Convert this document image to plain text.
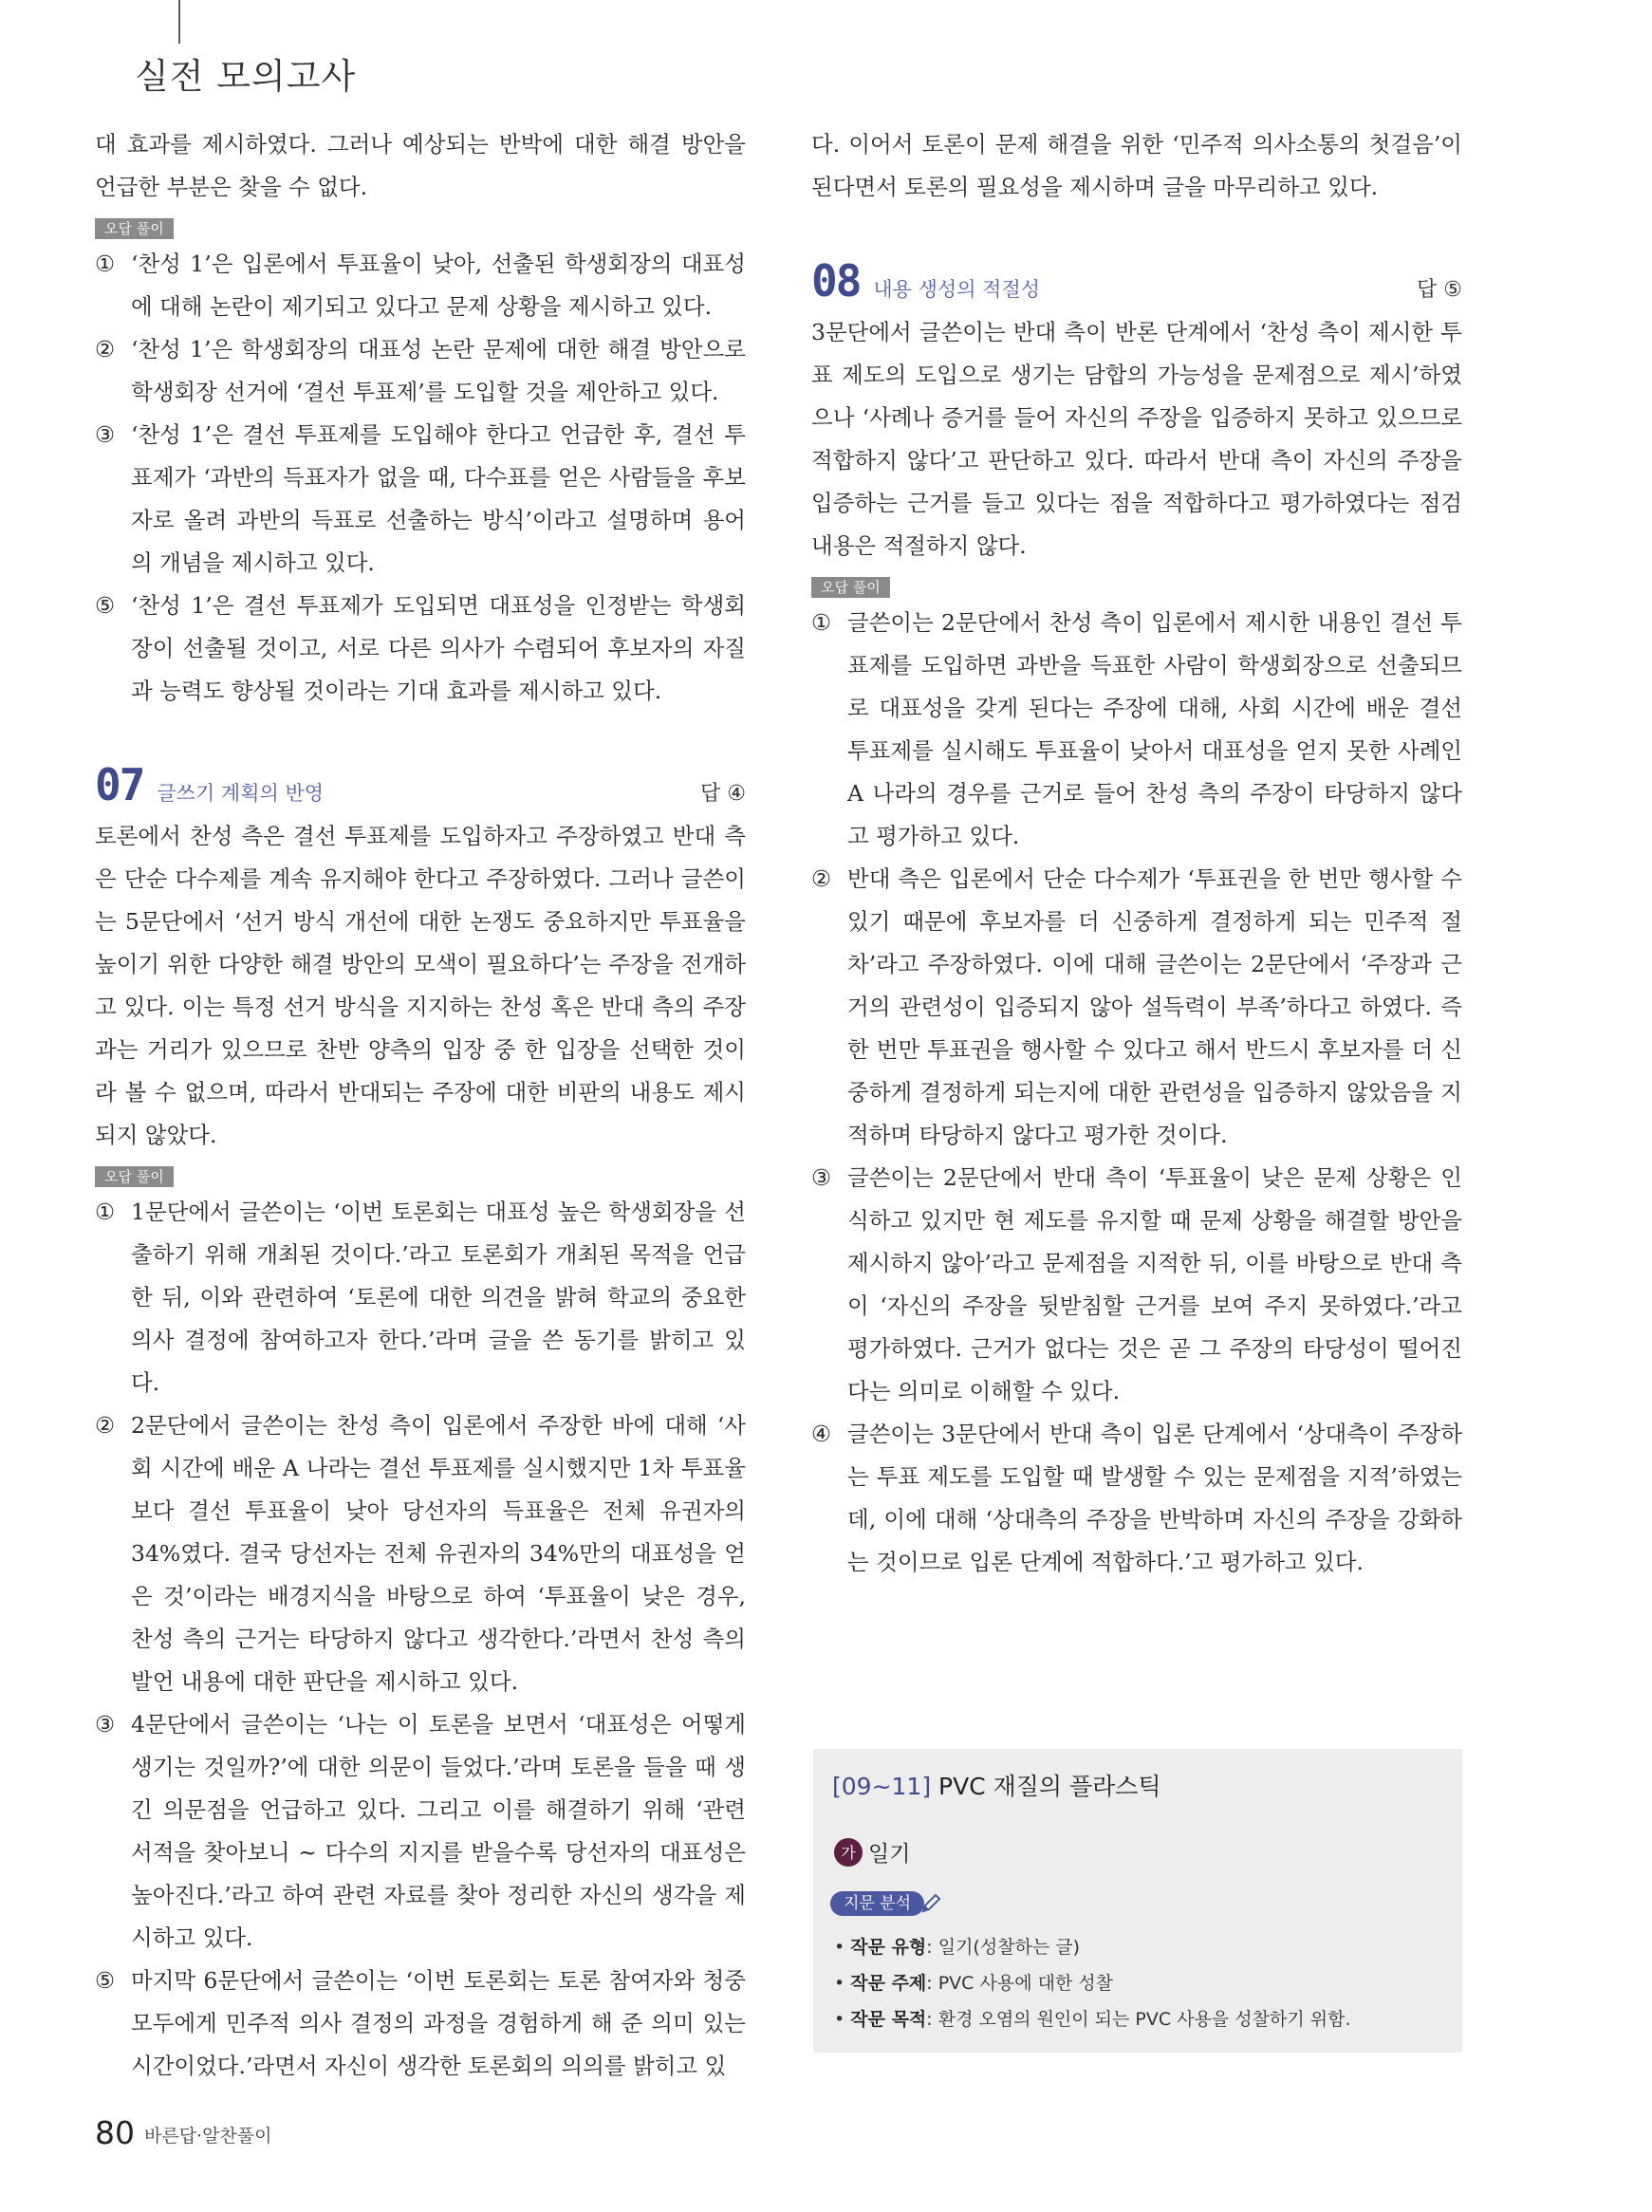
실전 모의고사

대 효과를 제시하였다. 그러나 예상되는 반박에 대한 해결 방안을 언급한 부분은 찾을 수 없다.

오답 풀이
① ‘찬성 1’은 입론에서 투표율이 낮아, 선출된 학생회장의 대표성에 대해 논란이 제기되고 있다고 문제 상황을 제시하고 있다.
② ‘찬성 1’은 학생회장의 대표성 논란 문제에 대한 해결 방안으로 학생회장 선거에 ‘결선 투표제’를 도입할 것을 제안하고 있다.
③ ‘찬성 1’은 결선 투표제를 도입해야 한다고 언급한 후, 결선 투표제가 ‘과반의 득표자가 없을 때, 다수표를 얻은 사람들을 후보자로 올려 과반의 득표로 선출하는 방식’이라고 설명하며 용어의 개념을 제시하고 있다.
⑤ ‘찬성 1’은 결선 투표제가 도입되면 대표성을 인정받는 학생회장이 선출될 것이고, 서로 다른 의사가 수렴되어 후보자의 자질과 능력도 향상될 것이라는 기대 효과를 제시하고 있다.
07 글쓰기 계획의 반영	답 ④

토론에서 찬성 측은 결선 투표제를 도입하자고 주장하였고 반대 측은 단순 다수제를 계속 유지해야 한다고 주장하였다. 그러나 글쓴이는 5문단에서 ‘선거 방식 개선에 대한 논쟁도 중요하지만 투표율을 높이기 위한 다양한 해결 방안의 모색이 필요하다’는 주장을 전개하고 있다. 이는 특정 선거 방식을 지지하는 찬성 혹은 반대 측의 주장과는 거리가 있으므로 찬반 양측의 입장 중 한 입장을 선택한 것이라 볼 수 없으며, 따라서 반대되는 주장에 대한 비판의 내용도 제시되지 않았다.

오답 풀이
① 1문단에서 글쓴이는 ‘이번 토론회는 대표성 높은 학생회장을 선출하기 위해 개최된 것이다.’라고 토론회가 개최된 목적을 언급한 뒤, 이와 관련하여 ‘토론에 대한 의견을 밝혀 학교의 중요한 의사 결정에 참여하고자 한다.’라며 글을 쓴 동기를 밝히고 있다.
② 2문단에서 글쓴이는 찬성 측이 입론에서 주장한 바에 대해 ‘사회 시간에 배운 A 나라는 결선 투표제를 실시했지만 1차 투표율보다 결선 투표율이 낮아 당선자의 득표율은 전체 유권자의 34%였다. 결국 당선자는 전체 유권자의 34%만의 대표성을 얻은 것’이라는 배경지식을 바탕으로 하여 ‘투표율이 낮은 경우, 찬성 측의 근거는 타당하지 않다고 생각한다.’라면서 찬성 측의 발언 내용에 대한 판단을 제시하고 있다.
③ 4문단에서 글쓴이는 ‘나는 이 토론을 보면서 ‘대표성은 어떻게 생기는 것일까?’에 대한 의문이 들었다.’라며 토론을 들을 때 생긴 의문점을 언급하고 있다. 그리고 이를 해결하기 위해 ‘관련 서적을 찾아보니 ~ 다수의 지지를 받을수록 당선자의 대표성은 높아진다.’라고 하여 관련 자료를 찾아 정리한 자신의 생각을 제시하고 있다.
⑤ 마지막 6문단에서 글쓴이는 ‘이번 토론회는 토론 참여자와 청중 모두에게 민주적 의사 결정의 과정을 경험하게 해 준 의미 있는 시간이었다.’라면서 자신이 생각한 토론회의 의의를 밝히고 있

다. 이어서 토론이 문제 해결을 위한 ‘민주적 의사소통의 첫걸음’이 된다면서 토론의 필요성을 제시하며 글을 마무리하고 있다.

08 내용 생성의 적절성	답 ⑤

3문단에서 글쓴이는 반대 측이 반론 단계에서 ‘찬성 측이 제시한 투표 제도의 도입으로 생기는 담합의 가능성을 문제점으로 제시’하였으나 ‘사례나 증거를 들어 자신의 주장을 입증하지 못하고 있으므로 적합하지 않다’고 판단하고 있다. 따라서 반대 측이 자신의 주장을 입증하는 근거를 들고 있다는 점을 적합하다고 평가하였다는 점검 내용은 적절하지 않다.

오답 풀이
① 글쓴이는 2문단에서 찬성 측이 입론에서 제시한 내용인 결선 투표제를 도입하면 과반을 득표한 사람이 학생회장으로 선출되므로 대표성을 갖게 된다는 주장에 대해, 사회 시간에 배운 결선 투표제를 실시해도 투표율이 낮아서 대표성을 얻지 못한 사례인 A 나라의 경우를 근거로 들어 찬성 측의 주장이 타당하지 않다고 평가하고 있다.
② 반대 측은 입론에서 단순 다수제가 ‘투표권을 한 번만 행사할 수 있기 때문에 후보자를 더 신중하게 결정하게 되는 민주적 절차’라고 주장하였다. 이에 대해 글쓴이는 2문단에서 ‘주장과 근거의 관련성이 입증되지 않아 설득력이 부족’하다고 하였다. 즉 한 번만 투표권을 행사할 수 있다고 해서 반드시 후보자를 더 신중하게 결정하게 되는지에 대한 관련성을 입증하지 않았음을 지적하며 타당하지 않다고 평가한 것이다.
③ 글쓴이는 2문단에서 반대 측이 ‘투표율이 낮은 문제 상황은 인식하고 있지만 현 제도를 유지할 때 문제 상황을 해결할 방안을 제시하지 않아’라고 문제점을 지적한 뒤, 이를 바탕으로 반대 측이 ‘자신의 주장을 뒷받침할 근거를 보여 주지 못하였다.’라고 평가하였다. 근거가 없다는 것은 곧 그 주장의 타당성이 떨어진다는 의미로 이해할 수 있다.
④ 글쓴이는 3문단에서 반대 측이 입론 단계에서 ‘상대측이 주장하는 투표 제도를 도입할 때 발생할 수 있는 문제점을 지적’하였는데, 이에 대해 ‘상대측의 주장을 반박하며 자신의 주장을 강화하는 것이므로 입론 단계에 적합하다.’고 평가하고 있다.
[09~11] PVC 재질의 플라스틱
가 일기
지문 분석
• 작문 유형: 일기(성찰하는 글)
• 작문 주제: PVC 사용에 대한 성찰
• 작문 목적: 환경 오염의 원인이 되는 PVC 사용을 성찰하기 위함.
80 바른답·알찬풀이
